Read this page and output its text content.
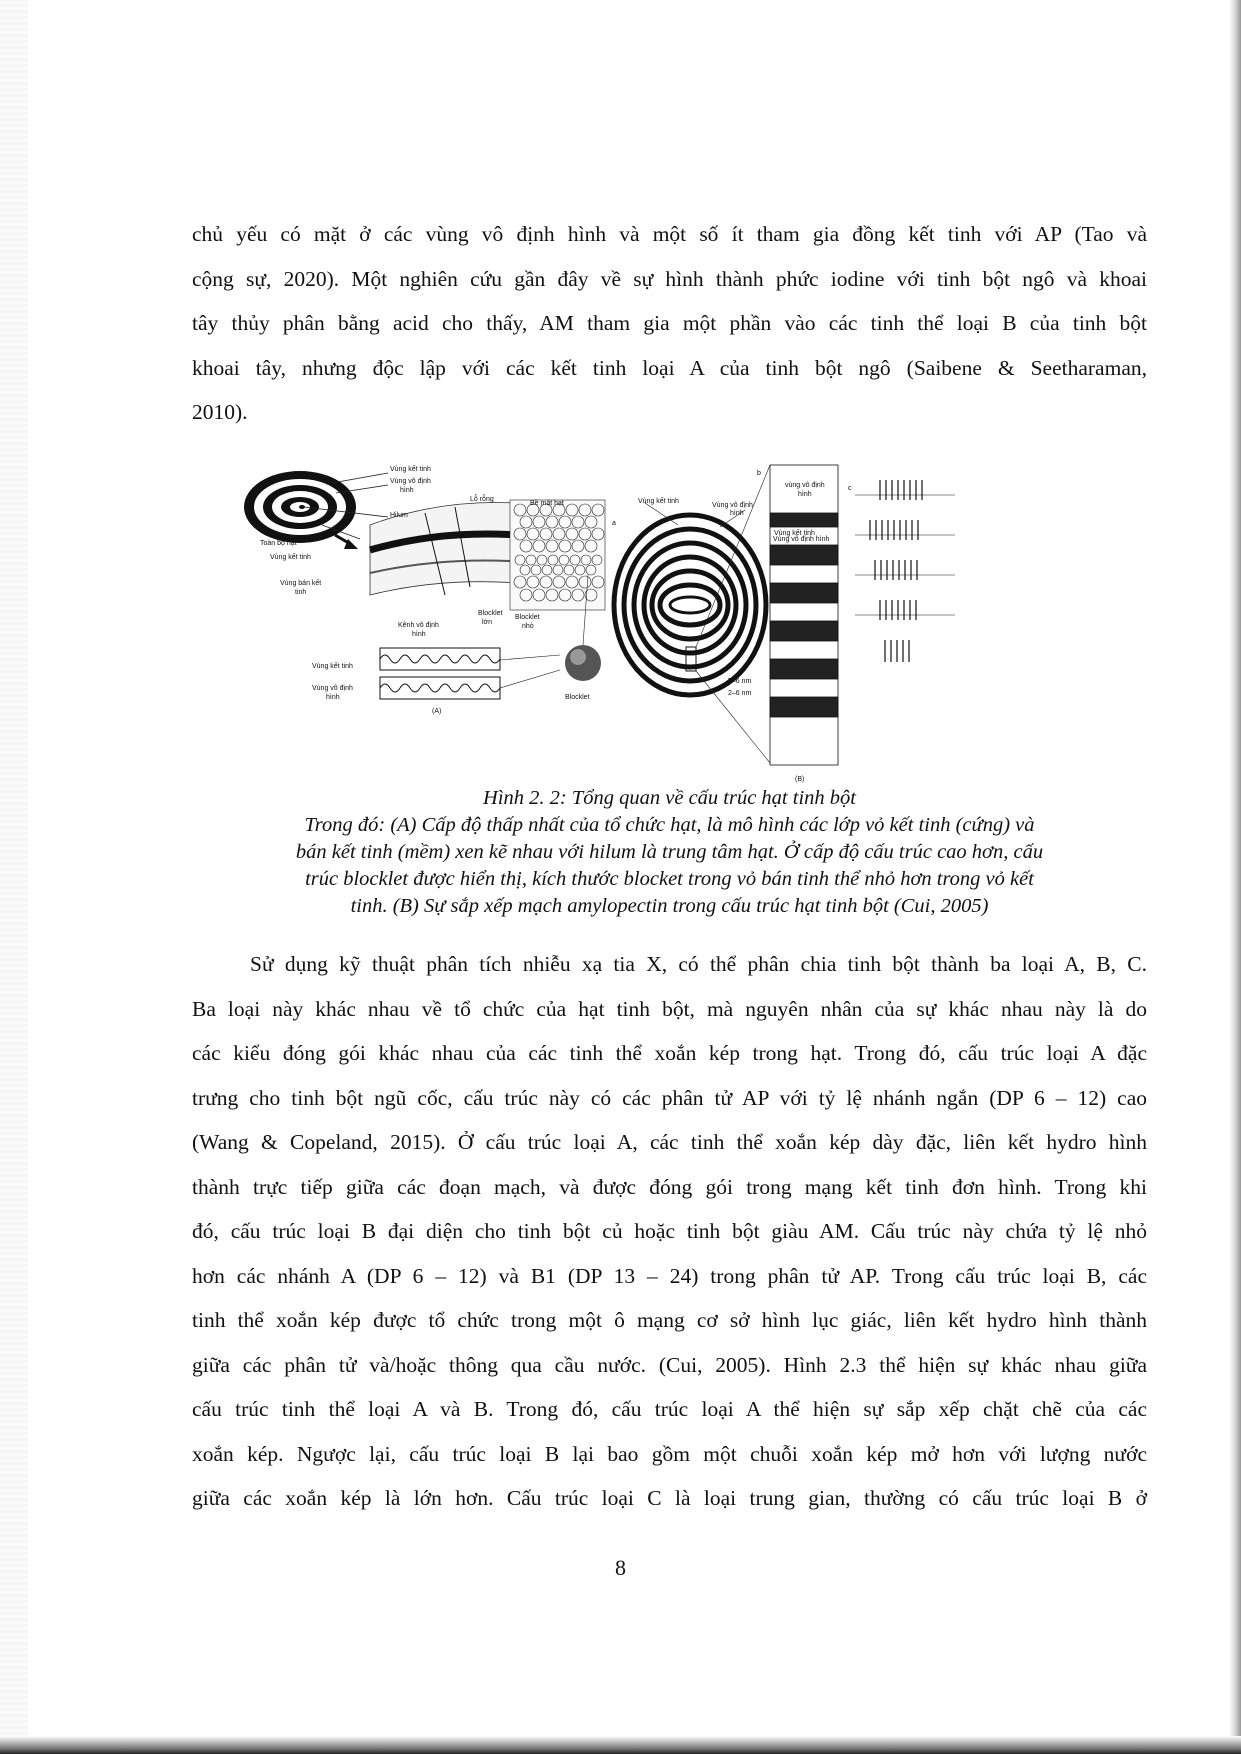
chủ yếu có mặt ở các vùng vô định hình và một số ít tham gia đồng kết tinh với AP (Tao và
cộng sự, 2020). Một nghiên cứu gần đây về sự hình thành phức iodine với tinh bột ngô và khoai
tây thủy phân bằng acid cho thấy, AM tham gia một phần vào các tinh thể loại B của tinh bột
khoai tây, nhưng độc lập với các kết tinh loại A của tinh bột ngô (Saibene & Seetharaman,
2010).
Vùng kết tinh
Vùng vô định
hình
Hilum
Lỗ rỗng
Bề mặt hạt
Toàn bộ hạt
Vùng kết tinh
Vùng bán kết
tinh
Kênh vô định
hình
Blocklet
lớn
Blocklet
nhỏ
Vùng kết tinh
Vùng vô định
hình	Blocklet
(A)
Vùng kết tinh
Vùng vô định
hình
a
b
c
vùng vô định
hình
Vùng kết tinh
Vùng vô định hình
5–6 nm
2–6 nm
(B)

Hình 2. 2: Tổng quan về cấu trúc hạt tinh bột

Trong đó: (A) Cấp độ thấp nhất của tổ chức hạt, là mô hình các lớp vỏ kết tinh (cứng) và
bán kết tinh (mềm) xen kẽ nhau với hilum là trung tâm hạt. Ở cấp độ cấu trúc cao hơn, cấu
trúc blocklet được hiển thị, kích thước blocket trong vỏ bán tinh thể nhỏ hơn trong vỏ kết
tinh. (B) Sự sắp xếp mạch amylopectin trong cấu trúc hạt tinh bột (Cui, 2005)
Sử dụng kỹ thuật phân tích nhiễu xạ tia X, có thể phân chia tinh bột thành ba loại A, B, C.
Ba loại này khác nhau về tổ chức của hạt tinh bột, mà nguyên nhân của sự khác nhau này là do
các kiểu đóng gói khác nhau của các tinh thể xoắn kép trong hạt. Trong đó, cấu trúc loại A đặc
trưng cho tinh bột ngũ cốc, cấu trúc này có các phân tử AP với tỷ lệ nhánh ngắn (DP 6 – 12) cao
(Wang & Copeland, 2015). Ở cấu trúc loại A, các tinh thể xoắn kép dày đặc, liên kết hydro hình
thành trực tiếp giữa các đoạn mạch, và được đóng gói trong mạng kết tinh đơn hình. Trong khi
đó, cấu trúc loại B đại diện cho tinh bột củ hoặc tinh bột giàu AM. Cấu trúc này chứa tỷ lệ nhỏ
hơn các nhánh A (DP 6 – 12) và B1 (DP 13 – 24) trong phân tử AP. Trong cấu trúc loại B, các
tinh thể xoắn kép được tổ chức trong một ô mạng cơ sở hình lục giác, liên kết hydro hình thành
giữa các phân tử và/hoặc thông qua cầu nước. (Cui, 2005). Hình 2.3 thể hiện sự khác nhau giữa
cấu trúc tinh thể loại A và B. Trong đó, cấu trúc loại A thể hiện sự sắp xếp chặt chẽ của các
xoắn kép. Ngược lại, cấu trúc loại B lại bao gồm một chuỗi xoắn kép mở hơn với lượng nước
giữa các xoắn kép là lớn hơn. Cấu trúc loại C là loại trung gian, thường có cấu trúc loại B ở
8
